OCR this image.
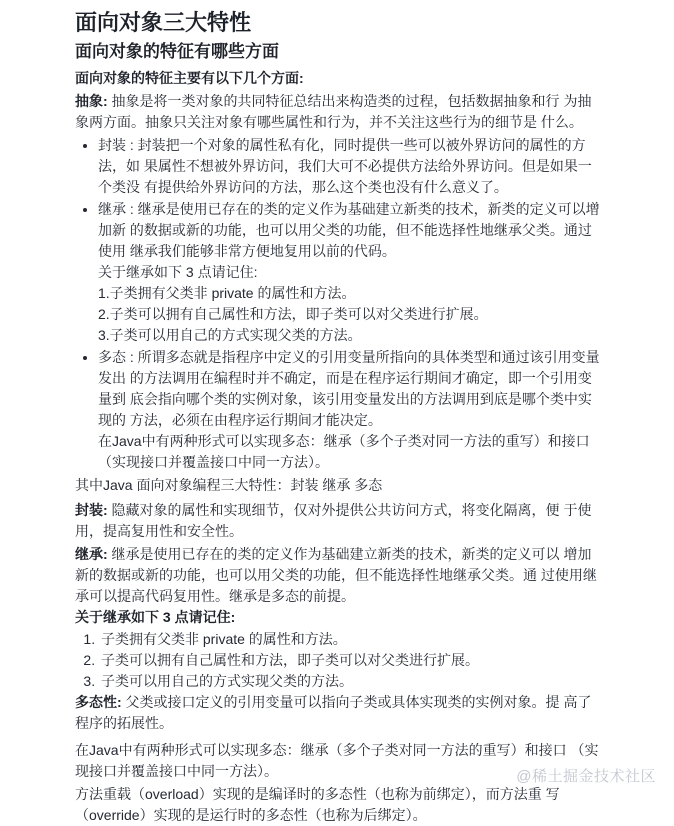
面向对象三大特性
面向对象的特征有哪些方面

面向对象的特征主要有以下几个方面:

抽象: 抽象是将一类对象的共同特征总结出来构造类的过程，包括数据抽象和行 为抽象两方面。抽象只关注对象有哪些属性和行为，并不关注这些行为的细节是 什么。

• 封装 : 封装把一个对象的属性私有化，同时提供一些可以被外界访问的属性的方法，如 果属性不想被外界访问，我们大可不必提供方法给外界访问。但是如果一个类没 有提供给外界访问的方法，那么这个类也没有什么意义了。

• 继承 : 继承是使用已存在的类的定义作为基础建立新类的技术，新类的定义可以增加新 的数据或新的功能，也可以用父类的功能，但不能选择性地继承父类。通过使用 继承我们能够非常方便地复用以前的代码。

关于继承如下 3 点请记住:

1.子类拥有父类非 private 的属性和方法。

2.子类可以拥有自己属性和方法，即子类可以对父类进行扩展。

3.子类可以用自己的方式实现父类的方法。

• 多态 : 所谓多态就是指程序中定义的引用变量所指向的具体类型和通过该引用变量发出 的方法调用在编程时并不确定，而是在程序运行期间才确定，即一个引用变量到 底会指向哪个类的实例对象，该引用变量发出的方法调用到底是哪个类中实现的 方法，必须在由程序运行期间才能决定。

在Java中有两种形式可以实现多态：继承（多个子类对同一方法的重写）和接口 （实现接口并覆盖接口中同一方法）。

其中Java 面向对象编程三大特性：封装 继承 多态

封装: 隐藏对象的属性和实现细节，仅对外提供公共访问方式，将变化隔离，便 于使用，提高复用性和安全性。

继承: 继承是使用已存在的类的定义作为基础建立新类的技术，新类的定义可以 增加新的数据或新的功能，也可以用父类的功能，但不能选择性地继承父类。通 过使用继承可以提高代码复用性。继承是多态的前提。

关于继承如下 3 点请记住:

1. 子类拥有父类非 private 的属性和方法。
2. 子类可以拥有自己属性和方法，即子类可以对父类进行扩展。
3. 子类可以用自己的方式实现父类的方法。

多态性: 父类或接口定义的引用变量可以指向子类或具体实现类的实例对象。提 高了程序的拓展性。

在Java中有两种形式可以实现多态：继承（多个子类对同一方法的重写）和接口 （实现接口并覆盖接口中同一方法）。

方法重载（overload）实现的是编译时的多态性（也称为前绑定），而方法重 写（override）实现的是运行时的多态性（也称为后绑定）。

@稀土掘金技术社区
